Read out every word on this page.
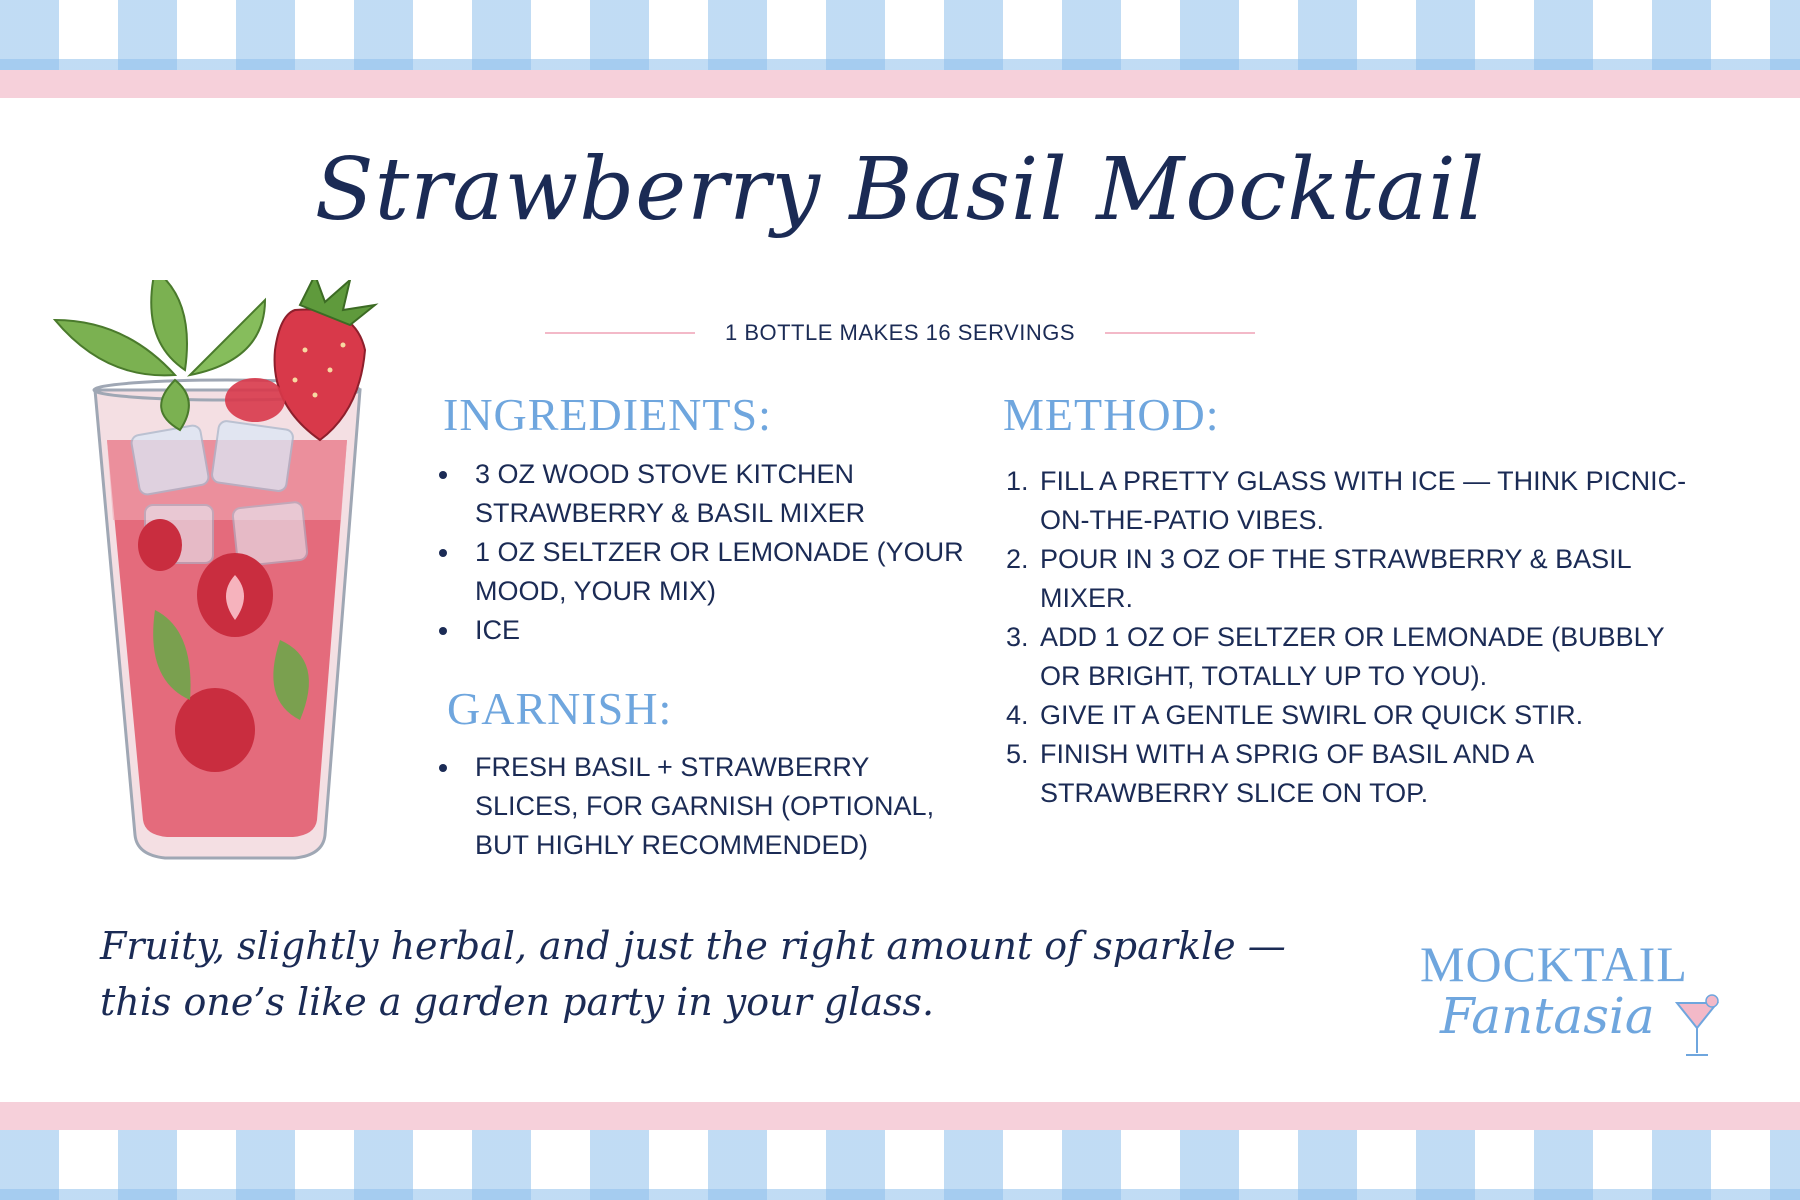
Strawberry Basil Mocktail
1 BOTTLE MAKES 16 SERVINGS
INGREDIENTS:
3 OZ WOOD STOVE KITCHEN STRAWBERRY & BASIL MIXER
1 OZ SELTZER OR LEMONADE (YOUR MOOD, YOUR MIX)
ICE
GARNISH:
FRESH BASIL + STRAWBERRY SLICES, FOR GARNISH (OPTIONAL, BUT HIGHLY RECOMMENDED)
METHOD:
1. FILL A PRETTY GLASS WITH ICE — THINK PICNIC-ON-THE-PATIO VIBES.
2. POUR IN 3 OZ OF THE STRAWBERRY & BASIL MIXER.
3. ADD 1 OZ OF SELTZER OR LEMONADE (BUBBLY OR BRIGHT, TOTALLY UP TO YOU).
4. GIVE IT A GENTLE SWIRL OR QUICK STIR.
5. FINISH WITH A SPRIG OF BASIL AND A STRAWBERRY SLICE ON TOP.
Fruity, slightly herbal, and just the right amount of sparkle —
this one’s like a garden party in your glass.
MOCKTAIL
Fantasia
